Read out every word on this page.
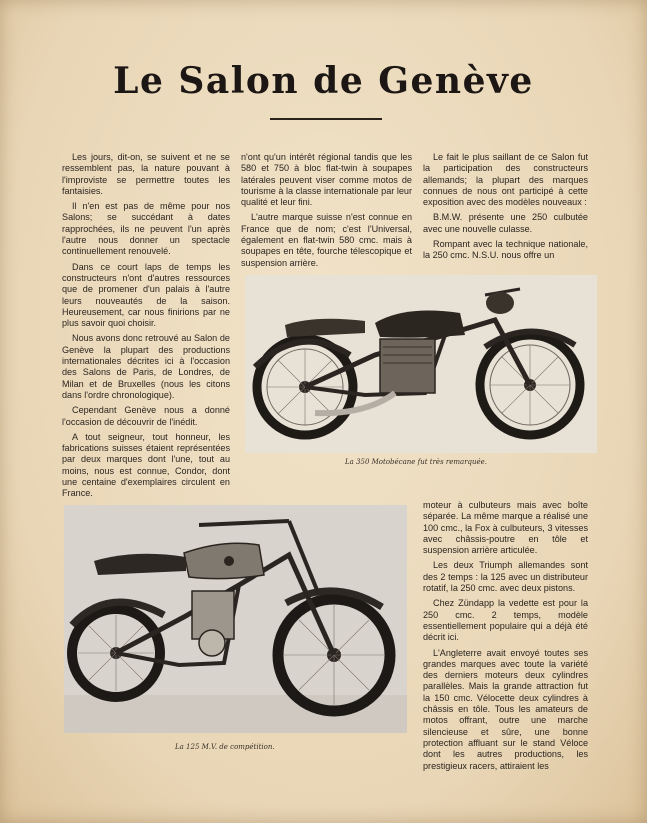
Le Salon de Genève

Les jours, dit-on, se suivent et ne se ressemblent pas, la nature pouvant à l'improviste se permettre toutes les fantaisies.

Il n'en est pas de même pour nos Salons; se succédant à dates rapprochées, ils ne peuvent l'un après l'autre nous donner un spectacle continuellement renouvelé.

Dans ce court laps de temps les constructeurs n'ont d'autres ressources que de promener d'un palais à l'autre leurs nouveautés de la saison. Heureusement, car nous finirions par ne plus savoir quoi choisir.

Nous avons donc retrouvé au Salon de Genève la plupart des productions internationales décrites ici à l'occasion des Salons de Paris, de Londres, de Milan et de Bruxelles (nous les citons dans l'ordre chronologique).

Cependant Genève nous a donné l'occasion de découvrir de l'inédit.

A tout seigneur, tout honneur, les fabrications suisses étaient représentées par deux marques dont l'une, tout au moins, nous est connue, Condor, dont une centaine d'exemplaires circulent en France.

n'ont qu'un intérêt régional tandis que les 580 et 750 à bloc flat-twin à soupapes latérales peuvent viser comme motos de tourisme à la classe internationale par leur qualité et leur fini.

L'autre marque suisse n'est connue en France que de nom; c'est l'Universal, également en flat-twin 580 cmc. mais à soupapes en tête, fourche télescopique et suspension arrière.

Le fait le plus saillant de ce Salon fut la participation des constructeurs allemands; la plupart des marques connues de nous ont participé à cette exposition avec des modèles nouveaux :

B.M.W. présente une 250 culbutée avec une nouvelle culasse.

Rompant avec la technique nationale, la 250 cmc. N.S.U. nous offre un

La 350 Motobécane fut très remarquée.
La 125 M.V. de compétition.

moteur à culbuteurs mais avec boîte séparée. La même marque a réalisé une 100 cmc., la Fox à culbuteurs, 3 vitesses avec châssis-poutre en tôle et suspension arrière articulée.

Les deux Triumph allemandes sont des 2 temps : la 125 avec un distributeur rotatif, la 250 cmc. avec deux pistons.

Chez Zündapp la vedette est pour la 250 cmc. 2 temps, modèle essentiellement populaire qui a déjà été décrit ici.

L'Angleterre avait envoyé toutes ses grandes marques avec toute la variété des derniers moteurs deux cylindres parallèles. Mais la grande attraction fut la 150 cmc. Vélocette deux cylindres à châssis en tôle. Tous les amateurs de motos offrant, outre une marche silencieuse et sûre, une bonne protection affluant sur le stand Véloce dont les autres productions, les prestigieux racers, attiraient les
